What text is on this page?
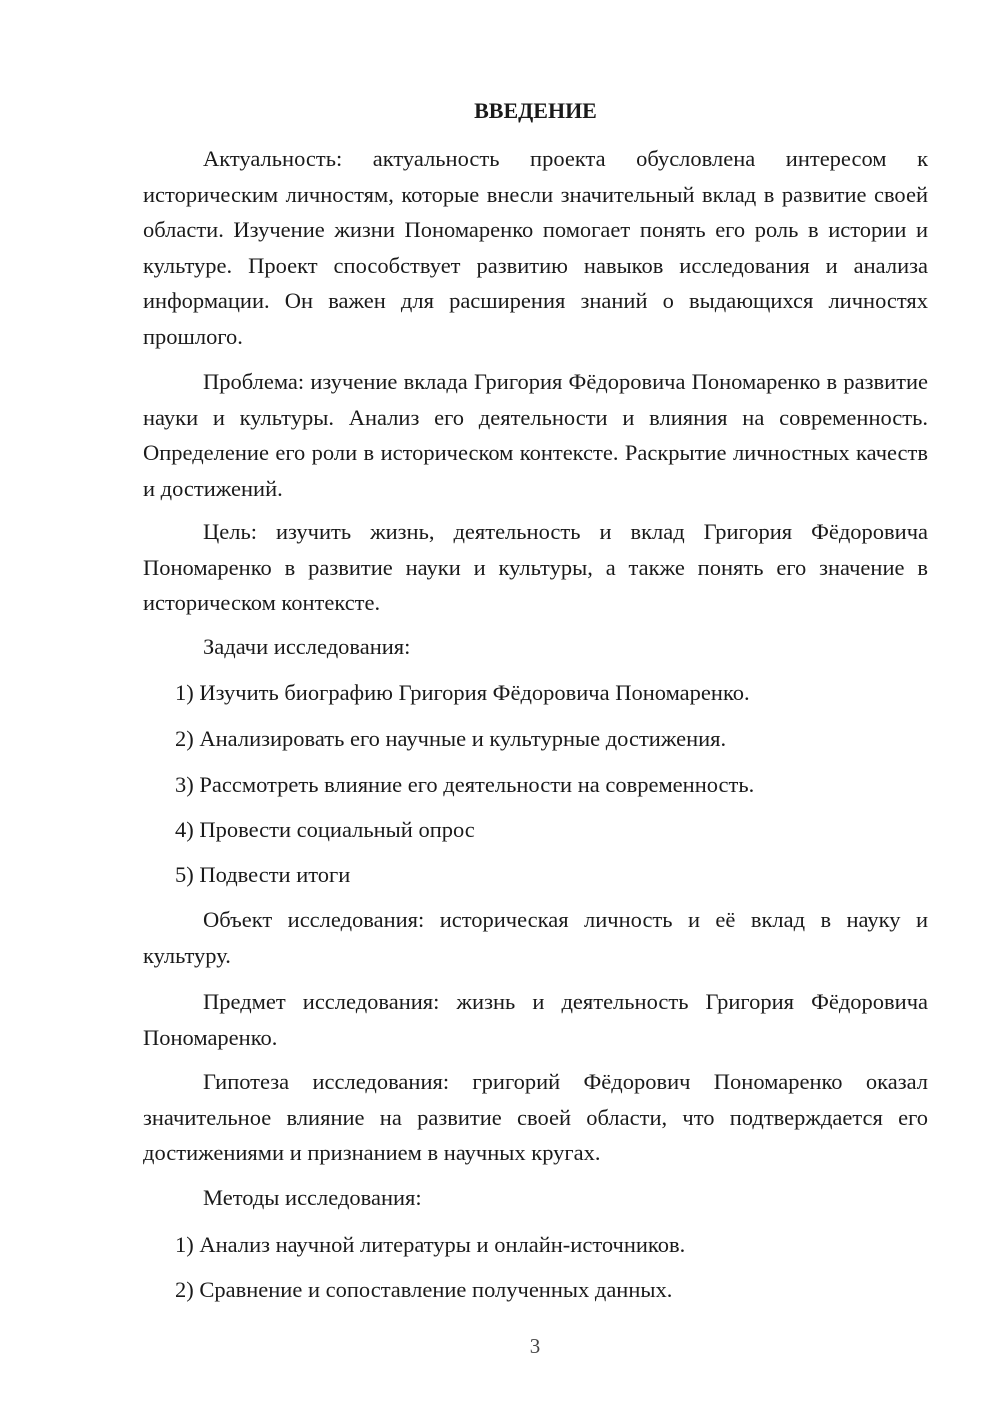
ВВЕДЕНИЕ

Актуальность: актуальность проекта обусловлена интересом к историческим личностям, которые внесли значительный вклад в развитие своей области. Изучение жизни Пономаренко помогает понять его роль в истории и культуре. Проект способствует развитию навыков исследования и анализа информации. Он важен для расширения знаний о выдающихся личностях прошлого.

Проблема: изучение вклада Григория Фёдоровича Пономаренко в развитие науки и культуры. Анализ его деятельности и влияния на современность. Определение его роли в историческом контексте. Раскрытие личностных качеств и достижений.

Цель: изучить жизнь, деятельность и вклад Григория Фёдоровича Пономаренко в развитие науки и культуры, а также понять его значение в историческом контексте.

Задачи исследования:

1) Изучить биографию Григория Фёдоровича Пономаренко.

2) Анализировать его научные и культурные достижения.

3) Рассмотреть влияние его деятельности на современность.

4) Провести социальный опрос

5) Подвести итоги

Объект исследования: историческая личность и её вклад в науку и культуру.

Предмет исследования: жизнь и деятельность Григория Фёдоровича Пономаренко.

Гипотеза исследования: григорий Фёдорович Пономаренко оказал значительное влияние на развитие своей области, что подтверждается его достижениями и признанием в научных кругах.

Методы исследования:

1) Анализ научной литературы и онлайн-источников.

2) Сравнение и сопоставление полученных данных.

3
